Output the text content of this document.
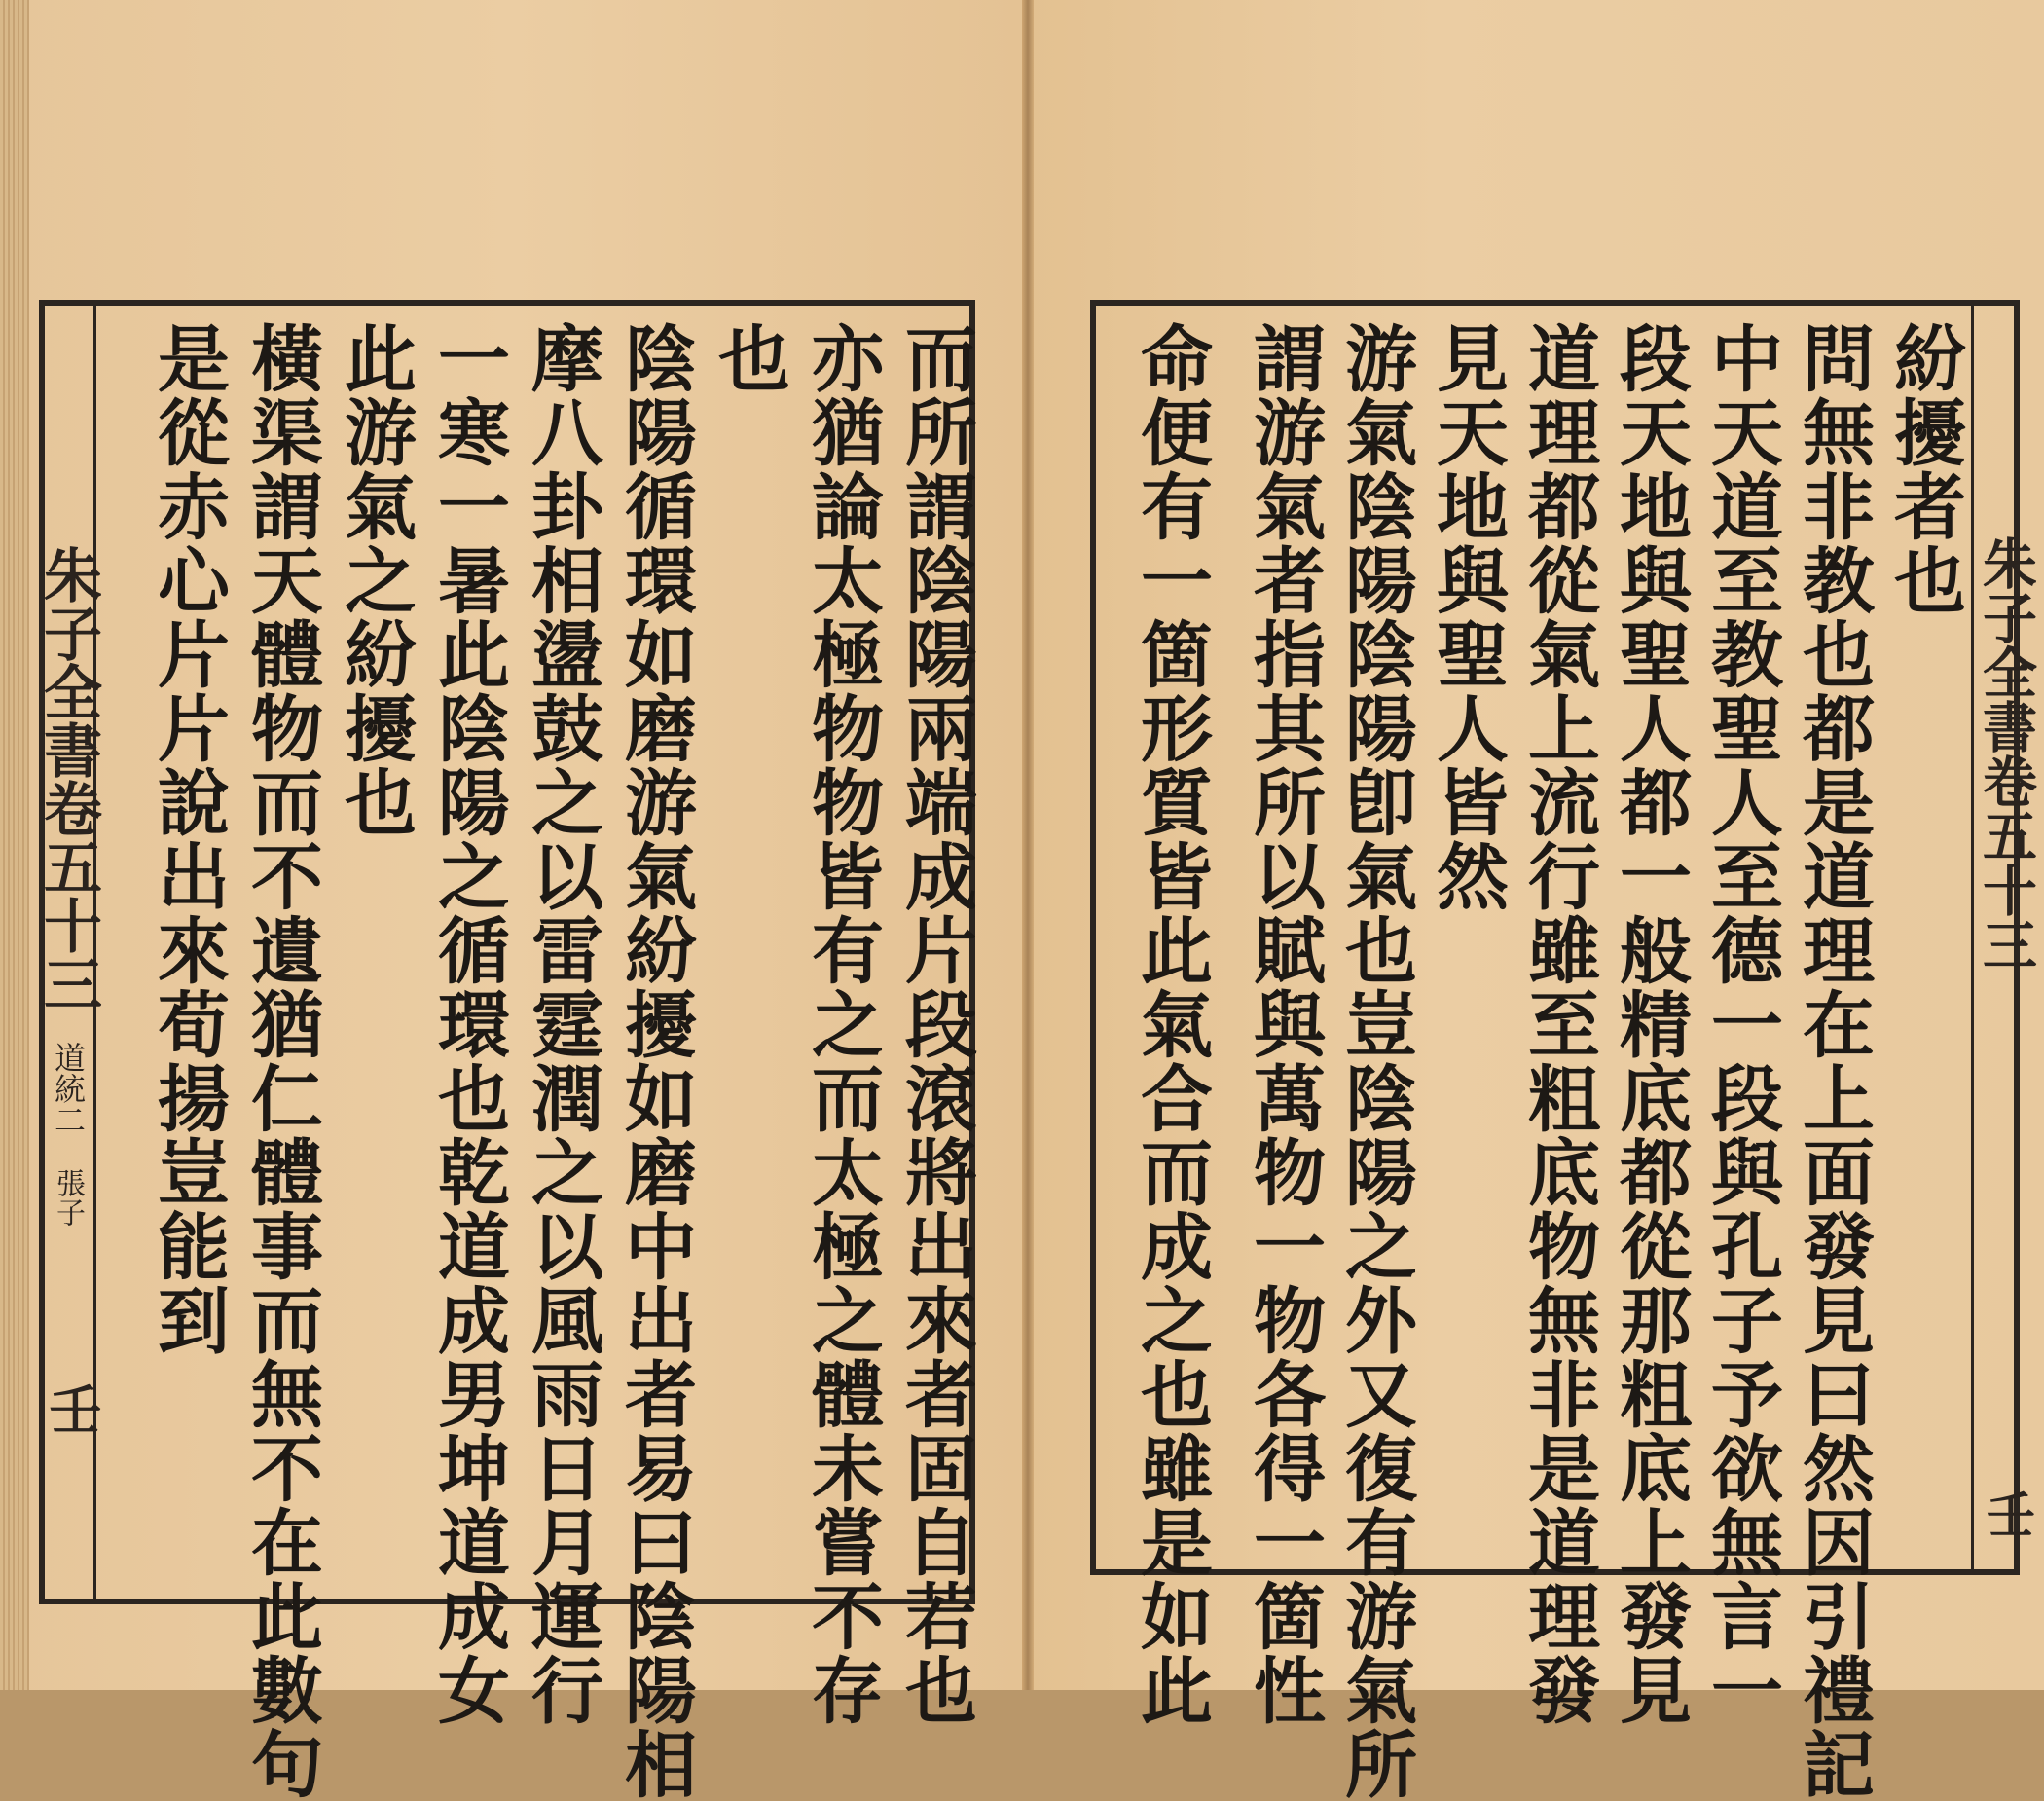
朱子全書卷五十三
道統二
張子
壬	而所謂陰陽兩端成片段滾將出來者固自若也
亦猶論太極物物皆有之而太極之體未嘗不存
也
陰陽循環如磨游氣紛擾如磨中出者易曰陰陽相
摩八卦相盪鼓之以雷霆潤之以風雨日月運行
一寒一暑此陰陽之循環也乾道成男坤道成女
此游氣之紛擾也
橫渠謂天體物而不遺猶仁體事而無不在此數句
是從赤心片片說出來荀揚豈能到	朱子全書卷五十三
壬
紛擾者也
問無非教也都是道理在上面發見曰然因引禮記
中天道至教聖人至德一段與孔子予欲無言一
段天地與聖人都一般精底都從那粗底上發見
道理都從氣上流行雖至粗底物無非是道理發
見天地與聖人皆然
游氣陰陽陰陽卽氣也豈陰陽之外又復有游氣所
謂游氣者指其所以賦與萬物一物各得一箇性
命便有一箇形質皆此氣合而成之也雖是如此
